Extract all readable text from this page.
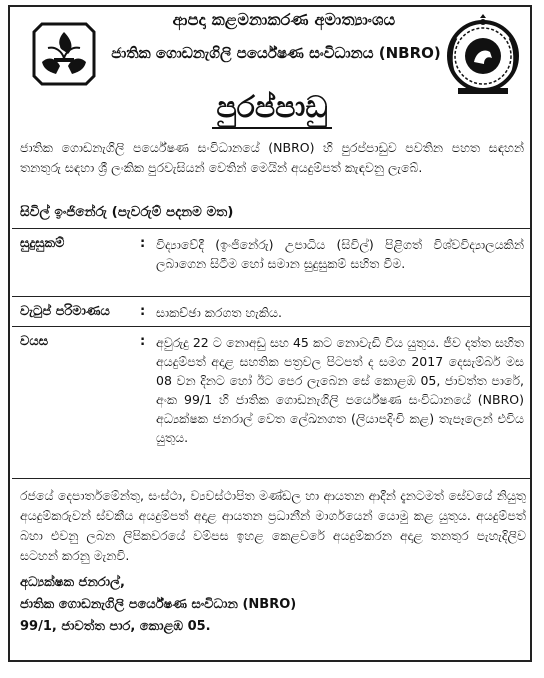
ආපදා කළමනාකරණ අමාත්‍යාංශය
ජාතික ගොඩනැගිලි පර්යේෂණ සංවිධානය (NBRO)
පුරප්පාඩු
ජාතික ගොඩනැගිලි පර්යේෂණ සංවිධානයේ (NBRO) හි පුරප්පාඩුව පවතින පහත සඳහන් තනතුරු සඳහා ශ්‍රී ලංකික පුරවැසියන් වෙතින් මෙයින් අයදුම්පත් කැඳවනු ලැබේ.
සිවිල් ඉංජිනේරු (පැවරුම් පදනම මත)
සුදුසුකම්	: විද්‍යාවේදී (ඉංජිනේරු) උපාධිය (සිවිල්) පිළිගත් විශ්වවිද්‍යාලයකින් ලබාගෙන සිටීම හෝ සමාන සුදුසුකම් සහිත වීම.
වැටුප් පරිමාණය : සාකච්ඡා කරගත හැකිය.
වයස	: අවුරුදු 22 ට නොඅඩු සහ 45 කට නොවැඩි විය යුතුය. ජීව දත්ත සහිත අයදුම්පත් අදාළ සහතික පත්‍රවල පිටපත් ද සමග 2017 දෙසැම්බර් මස 08 වන දිනට හෝ ඊට පෙර ලැබෙන සේ කොළඹ 05, ජාවත්ත පාරේ, අංක 99/1 හි ජාතික ගොඩනැගිලි පර්යේෂණ සංවිධානයේ (NBRO) අධ්‍යක්ෂක ජනරාල් වෙත ලේඛනගත (ලියාපදිංචි කළ) තැපෑලෙන් එවිය යුතුය.
රජයේ දෙපාර්තමේන්තු, සංස්ථා, ව්‍යවස්ථාපිත මණ්ඩල හා ආයතන ආදීන් දැනටමත් සේවයේ නියුතු අයදුම්කරුවන් ස්වකීය අයදුම්පත් අදාළ ආයතන ප්‍රධානීන් මාර්ගයෙන් යොමු කළ යුතුය. අයදුම්පත් බහා එවනු ලබන ලිපිකවරයේ වම්පස ඉහළ කෙළවරේ අයදුම්කරන අදාළ තනතුර පැහැදිලිව සටහන් කරනු මැනවි.
අධ්‍යක්ෂක ජනරාල්,
ජාතික ගොඩනැගිලි පර්යේෂණ සංවිධාන (NBRO)
99/1, ජාවත්ත පාර, කොළඹ 05.
